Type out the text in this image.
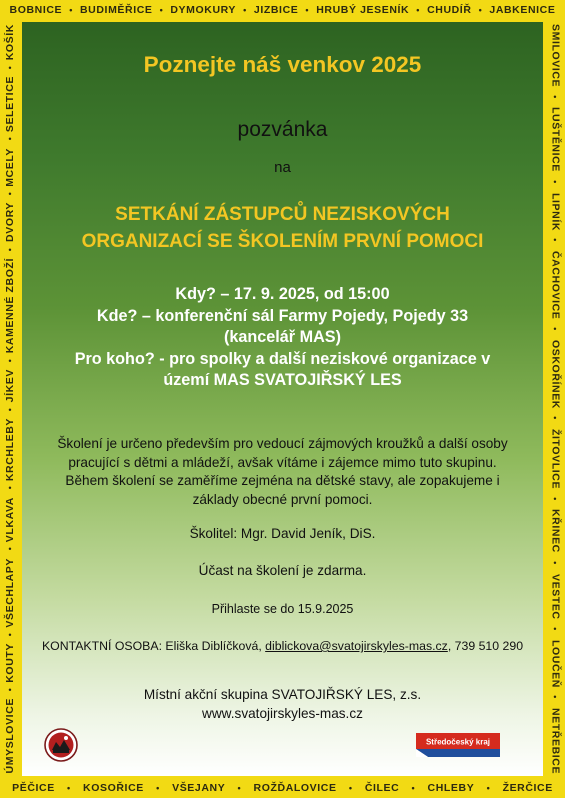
BOBNICE • BUDIMĚŘICE • DYMOKURY • JIZBICE • HRUBÝ JESENÍK • CHUDÍŘ • JABKENICE
PĚČICE • KOSOŘICE • VŠEJANY • ROŽĎALOVICE • ČILEC • CHLEBY • ŽERČICE
KOŠÍK
•
SELETICE
•
MCELY
•
DVORY
•
KAMENNÉ ZBOŽÍ
•
JÍKEV
•
KRCHLEBY
•
VLKAVA
•
VŠECHLAPY
•
KOUTY
•
ÚMYSLOVICE
SMILOVICE
•
LUŠTĚNICE
•
LIPNÍK
•
ČACHOVICE
•
OSKOŘÍNEK
•
ŽITOVLICE
•
KŘINEC
•
VESTEC
•
LOUČEŇ
•
NETŘEBICE
Poznejte náš venkov 2025
pozvánka
na
SETKÁNÍ ZÁSTUPCŮ NEZISKOVÝCH
ORGANIZACÍ SE ŠKOLENÍM PRVNÍ POMOCI
Kdy? – 17. 9. 2025, od 15:00
Kde? – konferenční sál Farmy Pojedy, Pojedy 33
(kancelář MAS)
Pro koho? - pro spolky a další neziskové organizace v
území MAS SVATOJIŘSKÝ LES
Školení je určeno především pro vedoucí zájmových kroužků a další osoby
pracující s dětmi a mládeží, avšak vítáme i zájemce mimo tuto skupinu.
Během školení se zaměříme zejména na dětské stavy, ale zopakujeme i
základy obecné první pomoci.
Školitel: Mgr. David Jeník, DiS.
Účast na školení je zdarma.
Přihlaste se do 15.9.2025
KONTAKTNÍ OSOBA: Eliška Diblíčková, diblickova@svatojirskyles-mas.cz, 739 510 290
Místní akční skupina SVATOJIŘSKÝ LES, z.s.
www.svatojirskyles-mas.cz
Středočeský kraj
